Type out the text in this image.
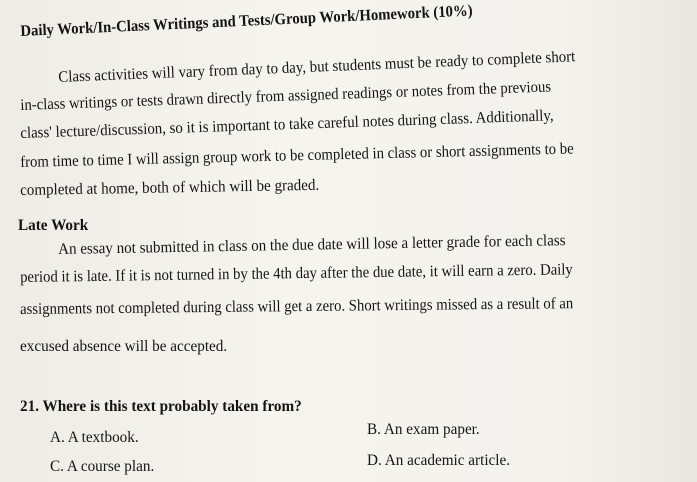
Daily Work/In-Class Writings and Tests/Group Work/Homework (10%)
Class activities will vary from day to day, but students must be ready to complete short
in-class writings or tests drawn directly from assigned readings or notes from the previous
class' lecture/discussion, so it is important to take careful notes during class. Additionally,
from time to time I will assign group work to be completed in class or short assignments to be
completed at home, both of which will be graded.
Late Work
An essay not submitted in class on the due date will lose a letter grade for each class
period it is late. If it is not turned in by the 4th day after the due date, it will earn a zero. Daily
assignments not completed during class will get a zero. Short writings missed as a result of an
excused absence will be accepted.
21. Where is this text probably taken from?
A. A textbook.	B. An exam paper.
C. A course plan.	D. An academic article.
